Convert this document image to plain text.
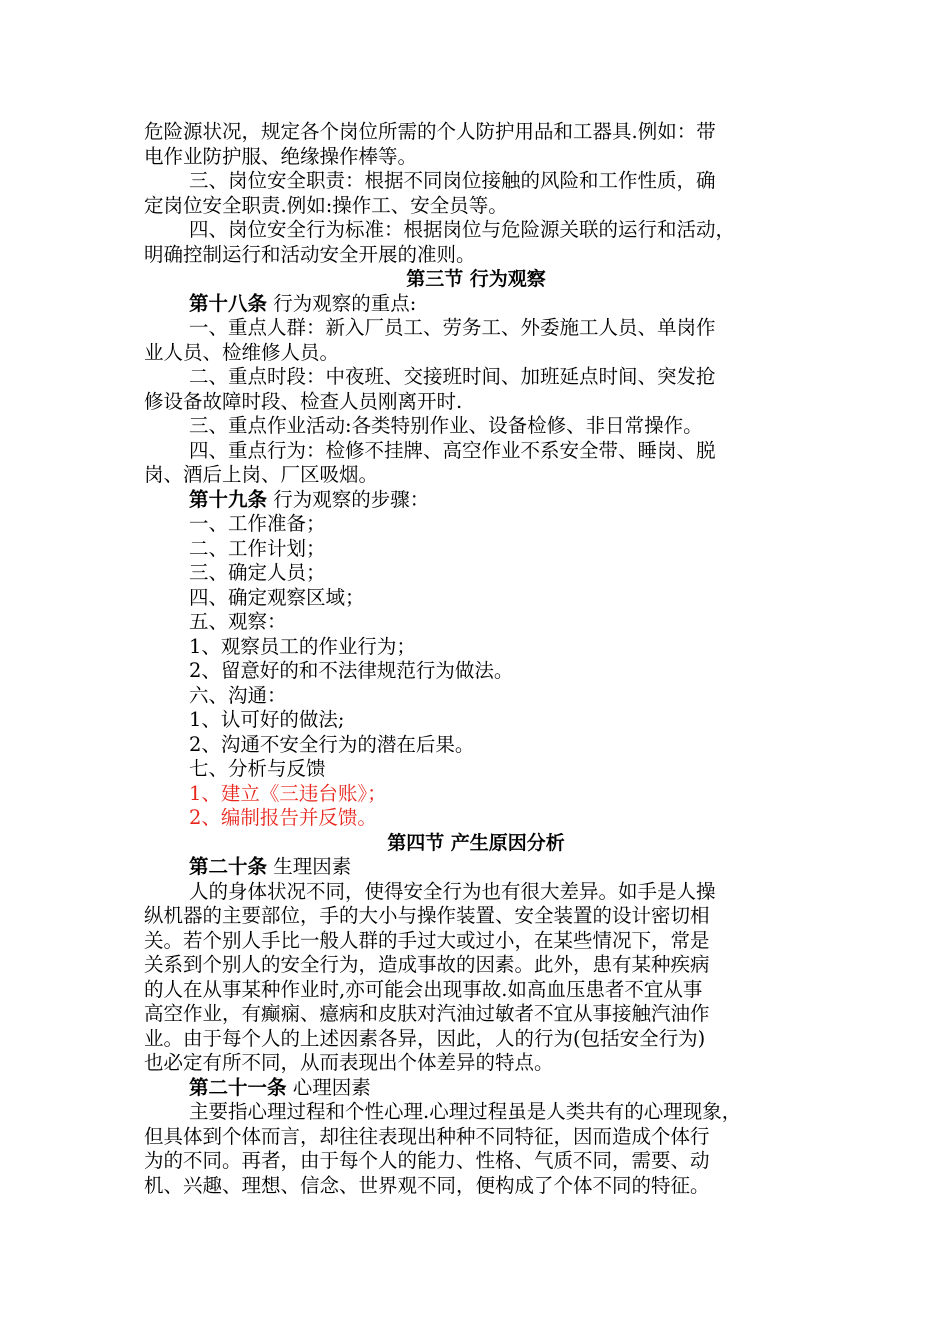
危险源状况，规定各个岗位所需的个人防护用品和工器具.例如：带

电作业防护服、绝缘操作棒等。

三、岗位安全职责：根据不同岗位接触的风险和工作性质，确

定岗位安全职责.例如:操作工、安全员等。

四、岗位安全行为标准：根据岗位与危险源关联的运行和活动，

明确控制运行和活动安全开展的准则。

第三节 行为观察

第十八条 行为观察的重点:

一、重点人群：新入厂员工、劳务工、外委施工人员、单岗作

业人员、检维修人员。

二、重点时段：中夜班、交接班时间、加班延点时间、突发抢

修设备故障时段、检查人员刚离开时.

三、重点作业活动:各类特别作业、设备检修、非日常操作。

四、重点行为：检修不挂牌、高空作业不系安全带、睡岗、脱

岗、酒后上岗、厂区吸烟。

第十九条 行为观察的步骤：

一、工作准备；

二、工作计划；

三、确定人员；

四、确定观察区域；

五、观察：

1、观察员工的作业行为；

2、留意好的和不法律规范行为做法。

六、沟通：

1、认可好的做法;

2、沟通不安全行为的潜在后果。

七、分析与反馈

1、建立《三违台账》；

2、编制报告并反馈。

第四节 产生原因分析

第二十条 生理因素

人的身体状况不同，使得安全行为也有很大差异。如手是人操

纵机器的主要部位，手的大小与操作装置、安全装置的设计密切相

关。若个别人手比一般人群的手过大或过小，在某些情况下，常是

关系到个别人的安全行为，造成事故的因素。此外，患有某种疾病

的人在从事某种作业时,亦可能会出现事故.如高血压患者不宜从事

高空作业，有癫痫、癔病和皮肤对汽油过敏者不宜从事接触汽油作

业。由于每个人的上述因素各异，因此，人的行为(包括安全行为)

也必定有所不同，从而表现出个体差异的特点。

第二十一条 心理因素

主要指心理过程和个性心理.心理过程虽是人类共有的心理现象，

但具体到个体而言，却往往表现出种种不同特征，因而造成个体行

为的不同。再者，由于每个人的能力、性格、气质不同，需要、动

机、兴趣、理想、信念、世界观不同，便构成了个体不同的特征。
